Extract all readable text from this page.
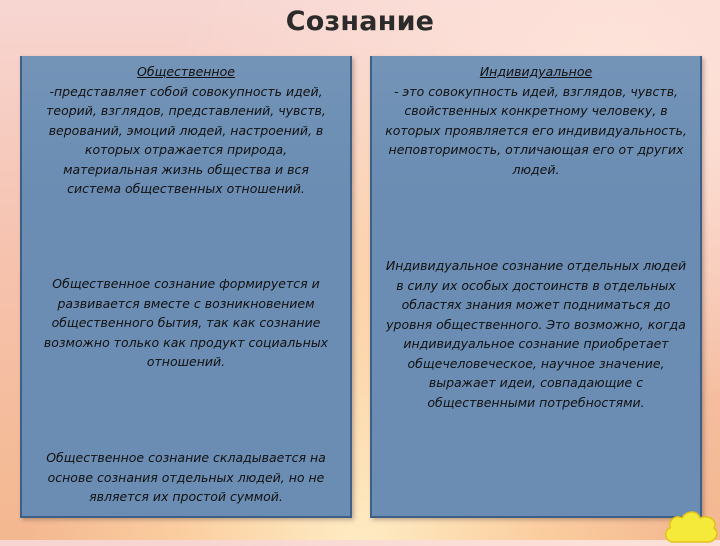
Сознание

Общественное

-представляет собой совокупность идей, теорий, взглядов, представлений, чувств, верований, эмоций людей, настроений, в которых отражается природа, материальная жизнь общества и вся система общественных отношений.

Общественное сознание формируется и развивается вместе с возникновением общественного бытия, так как сознание возможно только как продукт социальных отношений.

Общественное сознание складывается на основе сознания отдельных людей, но не является их простой суммой.

Индивидуальное

- это совокупность идей, взглядов, чувств, свойственных конкретному человеку, в которых проявляется его индивидуальность, неповторимость, отличающая его от других людей.

Индивидуальное сознание отдельных людей в силу их особых достоинств в отдельных областях знания может подниматься до уровня общественного. Это возможно, когда индивидуальное сознание приобретает общечеловеческое, научное значение, выражает идеи, совпадающие с общественными потребностями.
